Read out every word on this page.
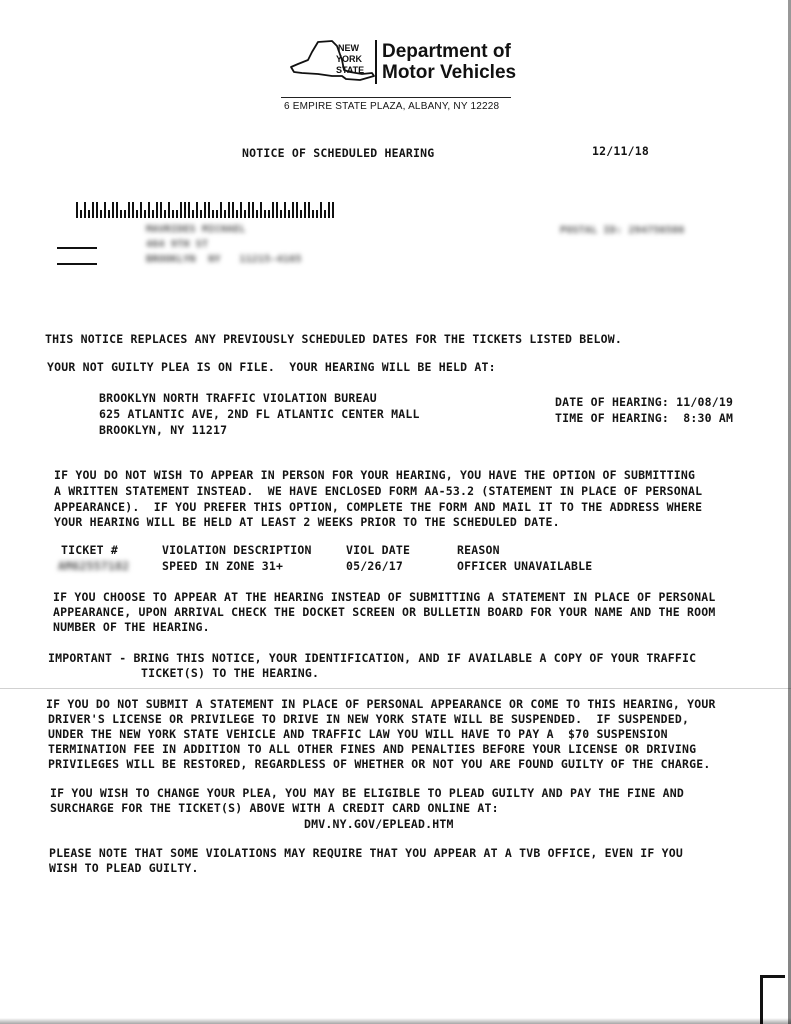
NEW
YORK
STATE
Department of
Motor Vehicles
6 EMPIRE STATE PLAZA, ALBANY, NY 12228
NOTICE OF SCHEDULED HEARING	12/11/18
MAVRIDES MICHAEL
464 9TH ST
BROOKLYN NY 11215-4165
POSTAL ID: 294756586
THIS NOTICE REPLACES ANY PREVIOUSLY SCHEDULED DATES FOR THE TICKETS LISTED BELOW.
YOUR NOT GUILTY PLEA IS ON FILE.  YOUR HEARING WILL BE HELD AT:
BROOKLYN NORTH TRAFFIC VIOLATION BUREAU
625 ATLANTIC AVE, 2ND FL ATLANTIC CENTER MALL
BROOKLYN, NY 11217
DATE OF HEARING: 11/08/19
TIME OF HEARING:  8:30 AM
IF YOU DO NOT WISH TO APPEAR IN PERSON FOR YOUR HEARING, YOU HAVE THE OPTION OF SUBMITTING
A WRITTEN STATEMENT INSTEAD.  WE HAVE ENCLOSED FORM AA-53.2 (STATEMENT IN PLACE OF PERSONAL
APPEARANCE).  IF YOU PREFER THIS OPTION, COMPLETE THE FORM AND MAIL IT TO THE ADDRESS WHERE
YOUR HEARING WILL BE HELD AT LEAST 2 WEEKS PRIOR TO THE SCHEDULED DATE.
TICKET #	VIOLATION DESCRIPTION	VIOL DATE	REASON
AM62557182	SPEED IN ZONE 31+	05/26/17	OFFICER UNAVAILABLE
IF YOU CHOOSE TO APPEAR AT THE HEARING INSTEAD OF SUBMITTING A STATEMENT IN PLACE OF PERSONAL
APPEARANCE, UPON ARRIVAL CHECK THE DOCKET SCREEN OR BULLETIN BOARD FOR YOUR NAME AND THE ROOM
NUMBER OF THE HEARING.
IMPORTANT - BRING THIS NOTICE, YOUR IDENTIFICATION, AND IF AVAILABLE A COPY OF YOUR TRAFFIC
TICKET(S) TO THE HEARING.
IF YOU DO NOT SUBMIT A STATEMENT IN PLACE OF PERSONAL APPEARANCE OR COME TO THIS HEARING, YOUR
DRIVER'S LICENSE OR PRIVILEGE TO DRIVE IN NEW YORK STATE WILL BE SUSPENDED.  IF SUSPENDED,
UNDER THE NEW YORK STATE VEHICLE AND TRAFFIC LAW YOU WILL HAVE TO PAY A  $70 SUSPENSION
TERMINATION FEE IN ADDITION TO ALL OTHER FINES AND PENALTIES BEFORE YOUR LICENSE OR DRIVING
PRIVILEGES WILL BE RESTORED, REGARDLESS OF WHETHER OR NOT YOU ARE FOUND GUILTY OF THE CHARGE.
IF YOU WISH TO CHANGE YOUR PLEA, YOU MAY BE ELIGIBLE TO PLEAD GUILTY AND PAY THE FINE AND
SURCHARGE FOR THE TICKET(S) ABOVE WITH A CREDIT CARD ONLINE AT:
DMV.NY.GOV/EPLEAD.HTM
PLEASE NOTE THAT SOME VIOLATIONS MAY REQUIRE THAT YOU APPEAR AT A TVB OFFICE, EVEN IF YOU
WISH TO PLEAD GUILTY.
